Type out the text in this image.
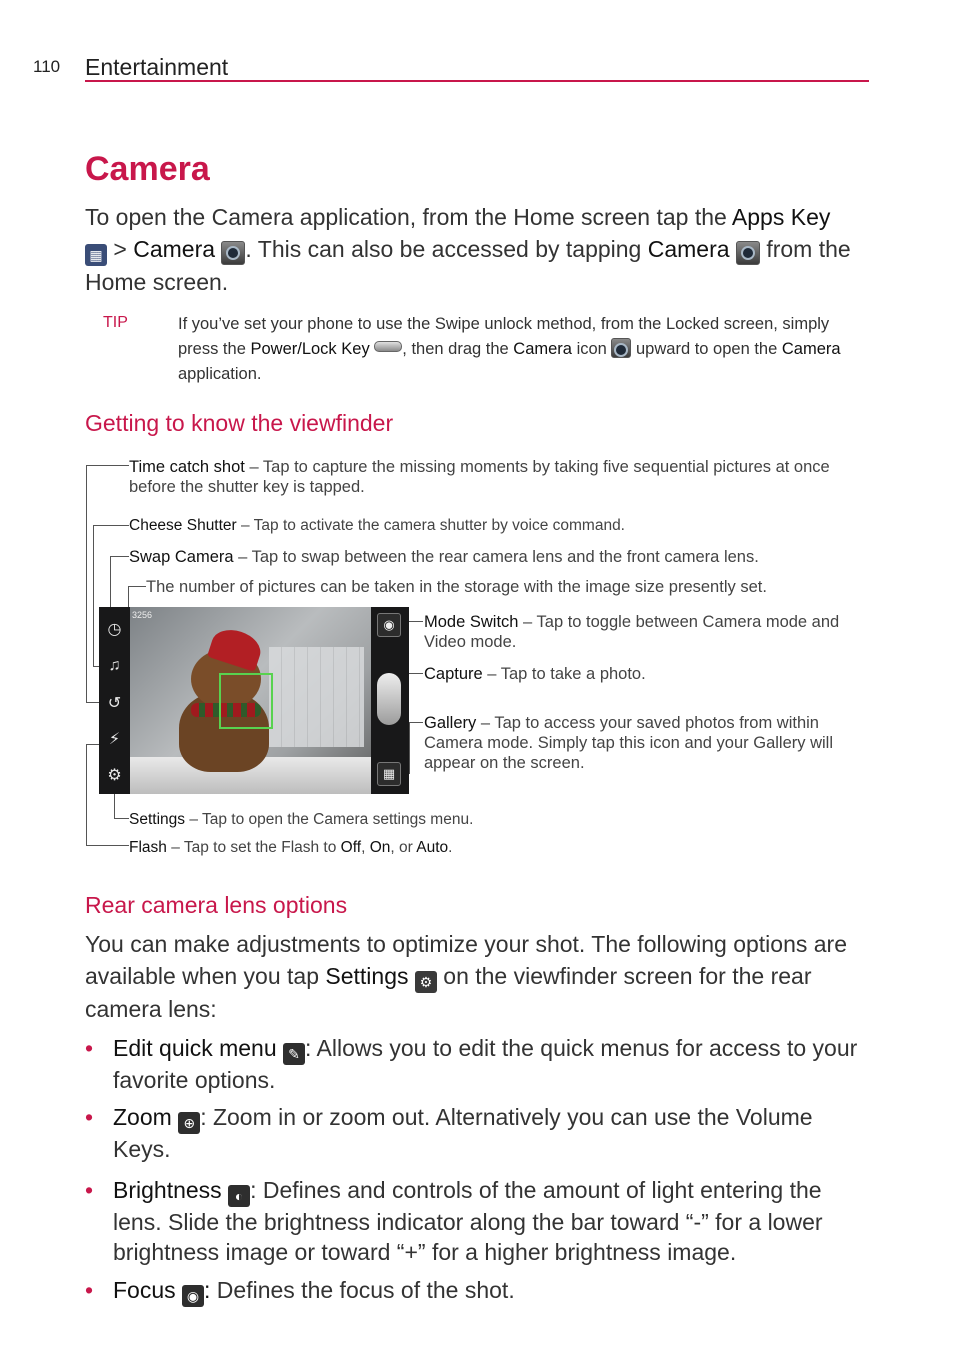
110 Entertainment
Camera
To open the Camera application, from the Home screen tap the Apps Key
▦ > Camera . This can also be accessed by tapping Camera  from the Home screen.
TIP	If you’ve set your phone to use the Swipe unlock method, from the Locked screen, simply press the Power/Lock Key , then drag the Camera icon  upward to open the Camera application.
Getting to know the viewfinder
Time catch shot – Tap to capture the missing moments by taking five sequential pictures at once before the shutter key is tapped.
Cheese Shutter – Tap to activate the camera shutter by voice command.
Swap Camera – Tap to swap between the rear camera lens and the front camera lens.
The number of pictures can be taken in the storage with the image size presently set.
Mode Switch – Tap to toggle between Camera mode and Video mode.
Capture – Tap to take a photo.
Gallery – Tap to access your saved photos from within Camera mode. Simply tap this icon and your Gallery will appear on the screen.
Settings – Tap to open the Camera settings menu.
Flash – Tap to set the Flash to Off, On, or Auto.
3256
◷
♫
↺
⚡
⚙
◉
▦
Rear camera lens options
You can make adjustments to optimize your shot. The following options are available when you tap Settings ⚙ on the viewfinder screen for the rear camera lens:
• Edit quick menu ✎ : Allows you to edit the quick menus for access to your favorite options.
• Zoom ⊕ : Zoom in or zoom out. Alternatively you can use the Volume Keys.
• Brightness ◐ : Defines and controls of the amount of light entering the lens. Slide the brightness indicator along the bar toward “-” for a lower brightness image or toward “+” for a higher brightness image.
• Focus ◉ : Defines the focus of the shot.
